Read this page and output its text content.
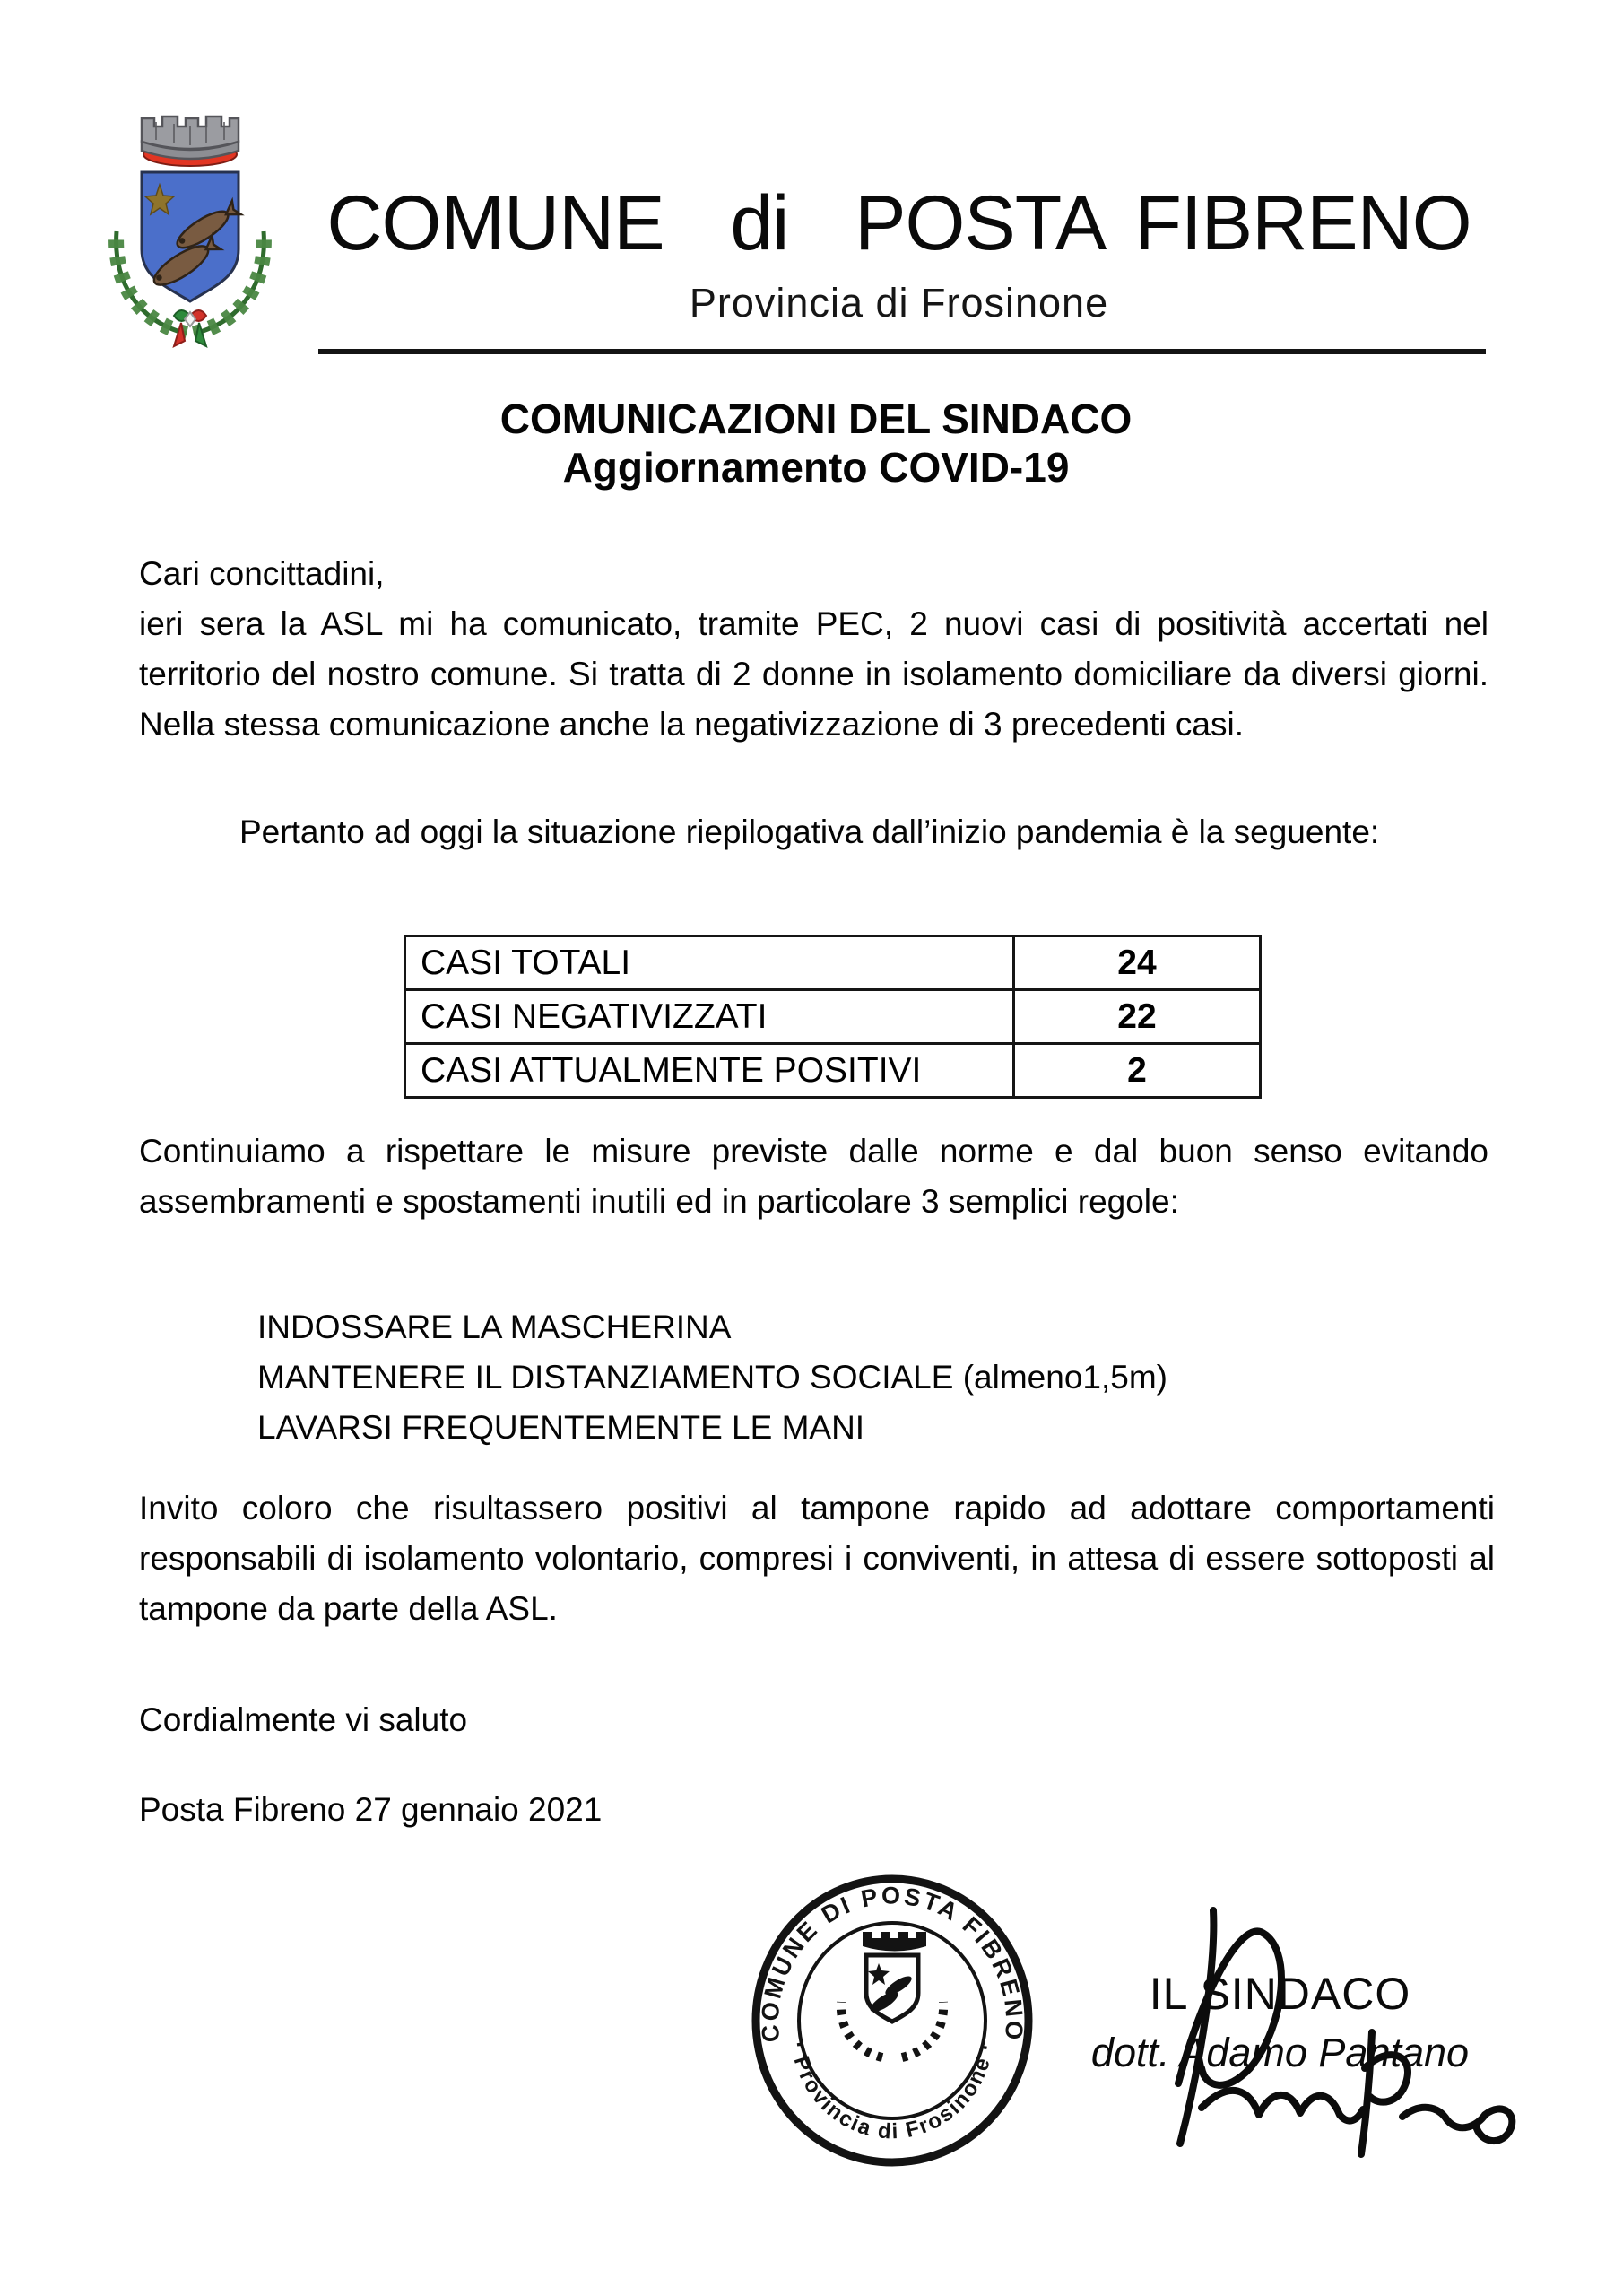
COMUNE  di  POSTA FIBRENO
Provincia di Frosinone
COMUNICAZIONI DEL SINDACO
Aggiornamento COVID-19
Cari concittadini,
ieri sera la ASL mi ha comunicato, tramite PEC, 2 nuovi casi di positività accertati nel territorio del nostro comune. Si tratta di 2 donne in isolamento domiciliare da diversi giorni. Nella stessa comunicazione anche la negativizzazione di 3 precedenti casi.
Pertanto ad oggi la situazione riepilogativa dall’inizio pandemia è la seguente:
CASI TOTALI	24
CASI NEGATIVIZZATI	22
CASI ATTUALMENTE POSITIVI	2
Continuiamo a rispettare le misure previste dalle norme e dal buon senso evitando assembramenti e spostamenti inutili ed in particolare 3 semplici regole:
INDOSSARE LA MASCHERINA
MANTENERE IL DISTANZIAMENTO SOCIALE (almeno1,5m)
LAVARSI FREQUENTEMENTE LE MANI
Invito coloro che risultassero positivi al tampone rapido ad adottare comportamenti responsabili di isolamento volontario, compresi i conviventi, in attesa di essere sottoposti al tampone da parte della ASL.
Cordialmente vi saluto
Posta Fibreno 27 gennaio 2021
COMUNE DI POSTA FIBRENO
· Provincia di Frosinone ·
IL SINDACO
dott. Adamo Pantano
